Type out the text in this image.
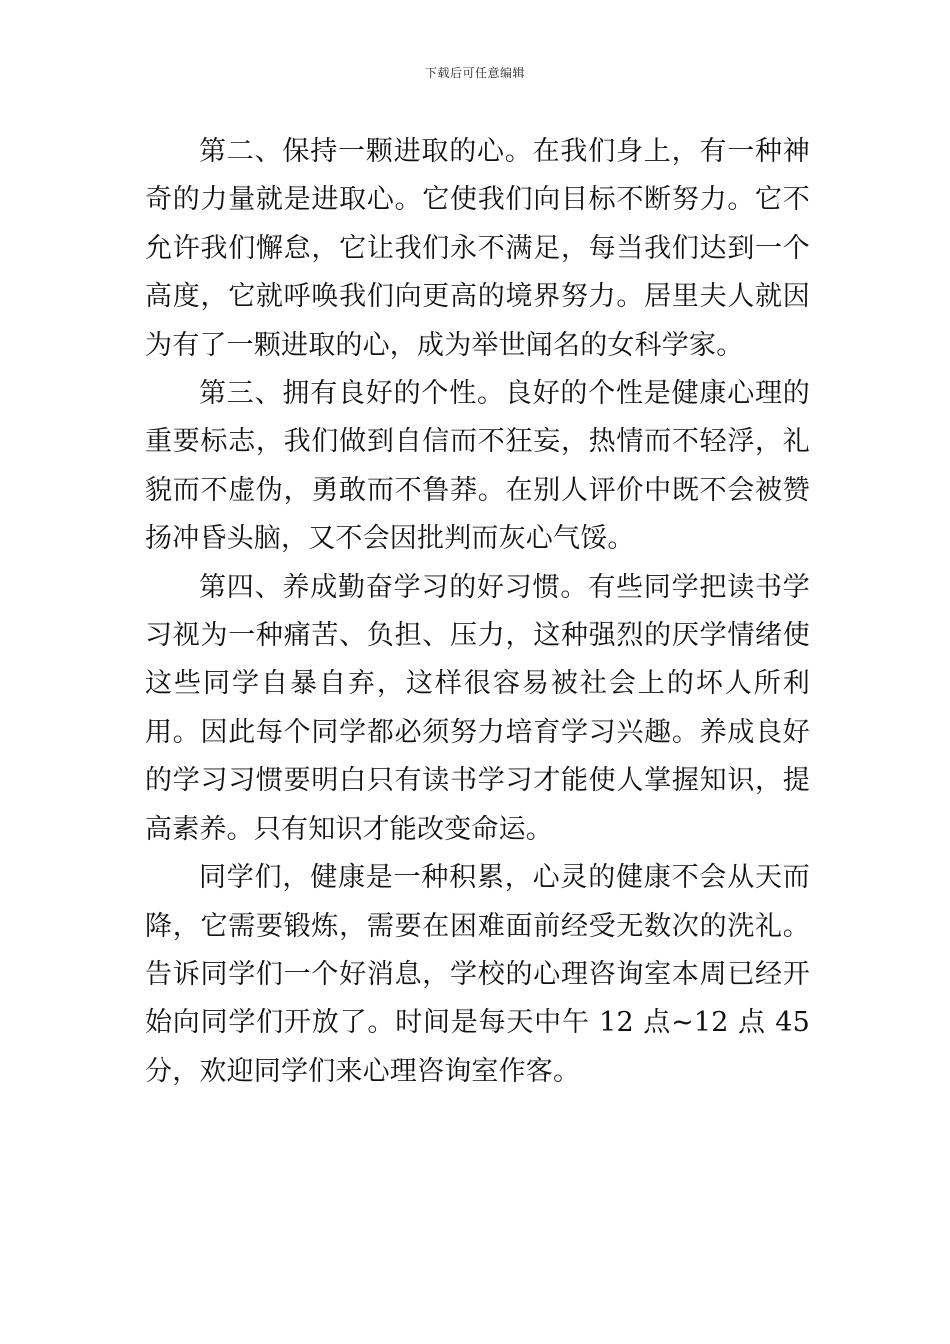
下载后可任意编辑

第二、保持一颗进取的心。在我们身上，有一种神奇的力量就是进取心。它使我们向目标不断努力。它不允许我们懈怠，它让我们永不满足，每当我们达到一个高度，它就呼唤我们向更高的境界努力。居里夫人就因为有了一颗进取的心，成为举世闻名的女科学家。

第三、拥有良好的个性。良好的个性是健康心理的重要标志，我们做到自信而不狂妄，热情而不轻浮，礼貌而不虚伪，勇敢而不鲁莽。在别人评价中既不会被赞扬冲昏头脑，又不会因批判而灰心气馁。

第四、养成勤奋学习的好习惯。有些同学把读书学习视为一种痛苦、负担、压力，这种强烈的厌学情绪使这些同学自暴自弃，这样很容易被社会上的坏人所利用。因此每个同学都必须努力培育学习兴趣。养成良好的学习习惯要明白只有读书学习才能使人掌握知识，提高素养。只有知识才能改变命运。

同学们，健康是一种积累，心灵的健康不会从天而降，它需要锻炼，需要在困难面前经受无数次的洗礼。告诉同学们一个好消息，学校的心理咨询室本周已经开始向同学们开放了。时间是每天中午 12 点~12 点 45 分，欢迎同学们来心理咨询室作客。
